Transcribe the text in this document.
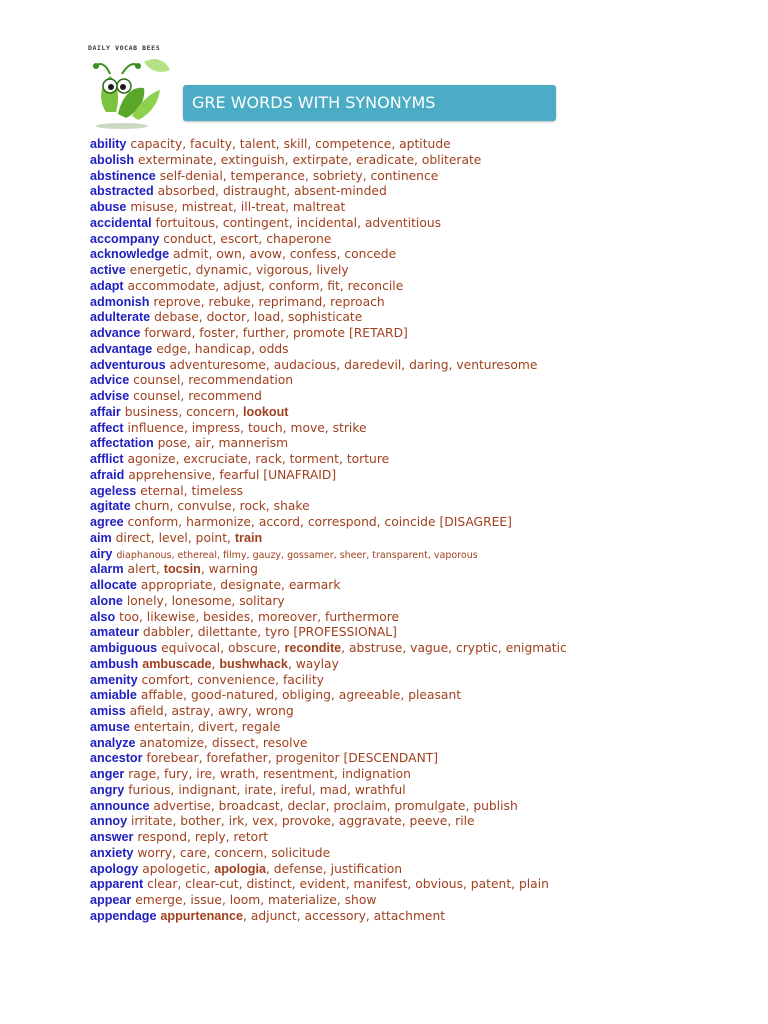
DAILY VOCAB BEES
GRE WORDS WITH SYNONYMS
ability capacity, faculty, talent, skill, competence, aptitude
abolish exterminate, extinguish, extirpate, eradicate, obliterate
abstinence self-denial, temperance, sobriety, continence
abstracted absorbed, distraught, absent-minded
abuse misuse, mistreat, ill-treat, maltreat
accidental fortuitous, contingent, incidental, adventitious
accompany conduct, escort, chaperone
acknowledge admit, own, avow, confess, concede
active energetic, dynamic, vigorous, lively
adapt accommodate, adjust, conform, fit, reconcile
admonish reprove, rebuke, reprimand, reproach
adulterate debase, doctor, load, sophisticate
advance forward, foster, further, promote [RETARD]
advantage edge, handicap, odds
adventurous adventuresome, audacious, daredevil, daring, venturesome
advice counsel, recommendation
advise counsel, recommend
affair business, concern, lookout
affect influence, impress, touch, move, strike
affectation pose, air, mannerism
afflict agonize, excruciate, rack, torment, torture
afraid apprehensive, fearful [UNAFRAID]
ageless eternal, timeless
agitate churn, convulse, rock, shake
agree conform, harmonize, accord, correspond, coincide [DISAGREE]
aim direct, level, point, train
airy diaphanous, ethereal, filmy, gauzy, gossamer, sheer, transparent, vaporous
alarm alert, tocsin, warning
allocate appropriate, designate, earmark
alone lonely, lonesome, solitary
also too, likewise, besides, moreover, furthermore
amateur dabbler, dilettante, tyro [PROFESSIONAL]
ambiguous equivocal, obscure, recondite, abstruse, vague, cryptic, enigmatic
ambush ambuscade, bushwhack, waylay
amenity comfort, convenience, facility
amiable affable, good-natured, obliging, agreeable, pleasant
amiss afield, astray, awry, wrong
amuse entertain, divert, regale
analyze anatomize, dissect, resolve
ancestor forebear, forefather, progenitor [DESCENDANT]
anger rage, fury, ire, wrath, resentment, indignation
angry furious, indignant, irate, ireful, mad, wrathful
announce advertise, broadcast, declar, proclaim, promulgate, publish
annoy irritate, bother, irk, vex, provoke, aggravate, peeve, rile
answer respond, reply, retort
anxiety worry, care, concern, solicitude
apology apologetic, apologia, defense, justification
apparent clear, clear-cut, distinct, evident, manifest, obvious, patent, plain
appear emerge, issue, loom, materialize, show
appendage appurtenance, adjunct, accessory, attachment
